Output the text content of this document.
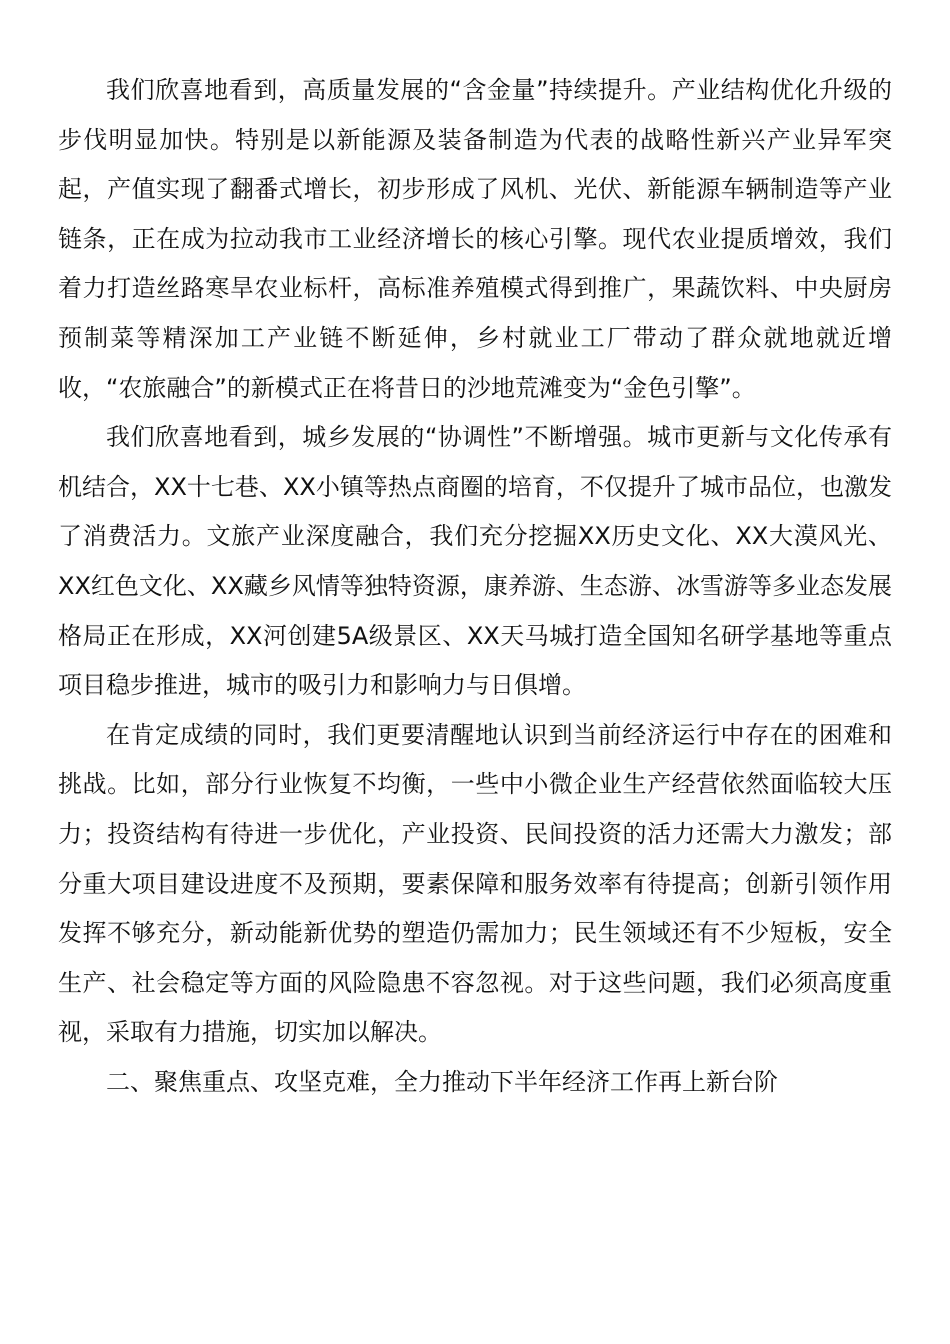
我们欣喜地看到，高质量发展的“含金量”持续提升。产业结构优化升级的步伐明显加快。特别是以新能源及装备制造为代表的战略性新兴产业异军突起，产值实现了翻番式增长，初步形成了风机、光伏、新能源车辆制造等产业链条，正在成为拉动我市工业经济增长的核心引擎。现代农业提质增效，我们着力打造丝路寒旱农业标杆，高标准养殖模式得到推广，果蔬饮料、中央厨房预制菜等精深加工产业链不断延伸，乡村就业工厂带动了群众就地就近增收，“农旅融合”的新模式正在将昔日的沙地荒滩变为“金色引擎”。

我们欣喜地看到，城乡发展的“协调性”不断增强。城市更新与文化传承有机结合，XX十七巷、XX小镇等热点商圈的培育，不仅提升了城市品位，也激发了消费活力。文旅产业深度融合，我们充分挖掘XX历史文化、XX大漠风光、XX红色文化、XX藏乡风情等独特资源，康养游、生态游、冰雪游等多业态发展格局正在形成，XX河创建5A级景区、XX天马城打造全国知名研学基地等重点项目稳步推进，城市的吸引力和影响力与日俱增。

在肯定成绩的同时，我们更要清醒地认识到当前经济运行中存在的困难和挑战。比如，部分行业恢复不均衡，一些中小微企业生产经营依然面临较大压力；投资结构有待进一步优化，产业投资、民间投资的活力还需大力激发；部分重大项目建设进度不及预期，要素保障和服务效率有待提高；创新引领作用发挥不够充分，新动能新优势的塑造仍需加力；民生领域还有不少短板，安全生产、社会稳定等方面的风险隐患不容忽视。对于这些问题，我们必须高度重视，采取有力措施，切实加以解决。

二、聚焦重点、攻坚克难，全力推动下半年经济工作再上新台阶
